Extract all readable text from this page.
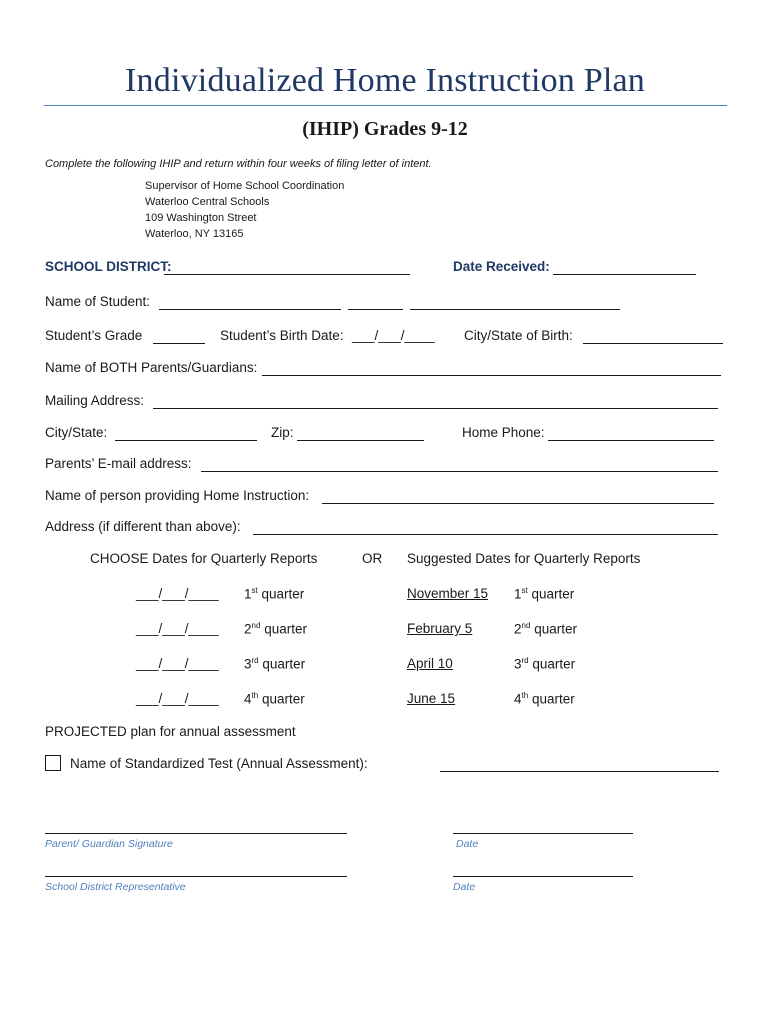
Individualized Home Instruction Plan
(IHIP) Grades 9-12
Complete the following IHIP and return within four weeks of filing letter of intent.
Supervisor of Home School Coordination
Waterloo Central Schools
109 Washington Street
Waterloo, NY 13165
SCHOOL DISTRICT:	Date Received:
Name of Student:
Student’s Grade	Student’s Birth Date: ___/___/____ City/State of Birth:
Name of BOTH Parents/Guardians:
Mailing Address:
City/State:	Zip:	Home Phone:
Parents’ E-mail address:
Name of person providing Home Instruction:
Address (if different than above):
CHOOSE Dates for Quarterly Reports	OR Suggested Dates for Quarterly Reports
___/___/____ 1st quarter	November 15 1st quarter
___/___/____ 2nd quarter	February 5	2nd quarter
___/___/____ 3rd quarter	April 10	3rd quarter
___/___/____ 4th quarter	June 15	4th quarter
PROJECTED plan for annual assessment
Name of Standardized Test (Annual Assessment):
Parent/ Guardian Signature	Date
School District Representative	Date
